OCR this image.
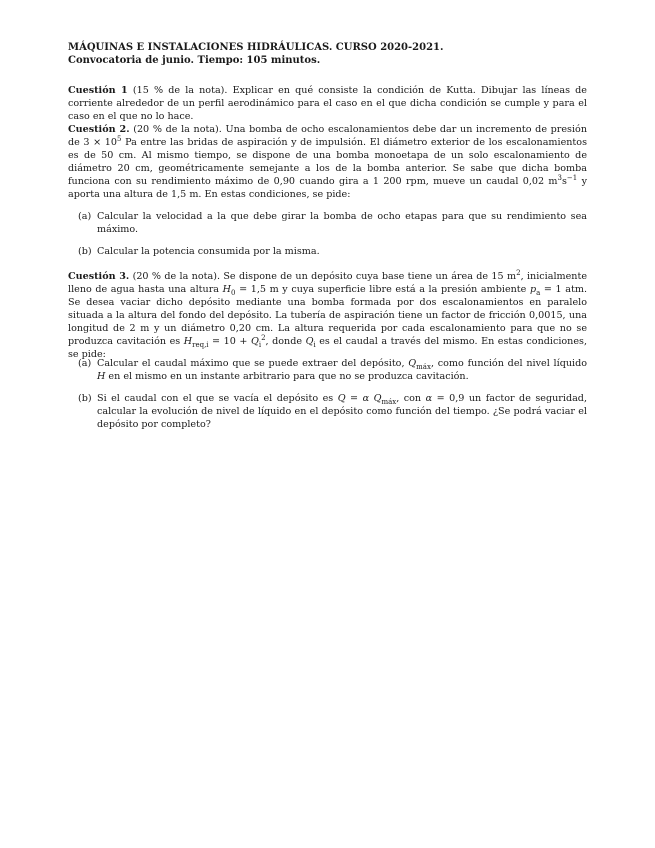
MÁQUINAS E INSTALACIONES HIDRÁULICAS. CURSO 2020-2021.
Convocatoria de junio. Tiempo: 105 minutos.
Cuestión 1 (15 % de la nota). Explicar en qué consiste la condición de Kutta. Dibujar las líneas de corriente alrededor de un perfil aerodinámico para el caso en el que dicha condición se cumple y para el caso en el que no lo hace.
Cuestión 2. (20 % de la nota). Una bomba de ocho escalonamientos debe dar un incremento de presión de $3 \times 10^5$ Pa entre las bridas de aspiración y de impulsión. El diámetro exterior de los escalonamientos es de 50 cm. Al mismo tiempo, se dispone de una bomba monoetapa de un solo escalonamiento de diámetro 20 cm, geométricamente semejante a los de la bomba anterior. Se sabe que dicha bomba funciona con su rendimiento máximo de 0,90 cuando gira a 1 200 rpm, mueve un caudal 0,02 $m^3s^{-1}$ y aporta una altura de 1,5 m. En estas condiciones, se pide:
(a) Calcular la velocidad a la que debe girar la bomba de ocho etapas para que su rendimiento sea máximo.
(b) Calcular la potencia consumida por la misma.
Cuestión 3. (20 % de la nota). Se dispone de un depósito cuya base tiene un área de 15 $m^2$, inicialmente lleno de agua hasta una altura $H_0 = 1,5$ m y cuya superficie libre está a la presión ambiente $p_a = 1$ atm. Se desea vaciar dicho depósito mediante una bomba formada por dos escalonamientos en paralelo situada a la altura del fondo del depósito. La tubería de aspiración tiene un factor de fricción 0,0015, una longitud de 2 m y un diámetro 0,20 cm. La altura requerida por cada escalonamiento para que no se produzca cavitación es $H_{req,i} = 10 + Q_i^2$, donde $Q_i$ es el caudal a través del mismo. En estas condiciones, se pide:
(a) Calcular el caudal máximo que se puede extraer del depósito, $Q_{máx}$, como función del nivel líquido H en el mismo en un instante arbitrario para que no se produzca cavitación.
(b) Si el caudal con el que se vacía el depósito es Q = α $Q_{máx}$, con α = 0,9 un factor de seguridad, calcular la evolución de nivel de líquido en el depósito como función del tiempo. ¿Se podrá vaciar el depósito por completo?
